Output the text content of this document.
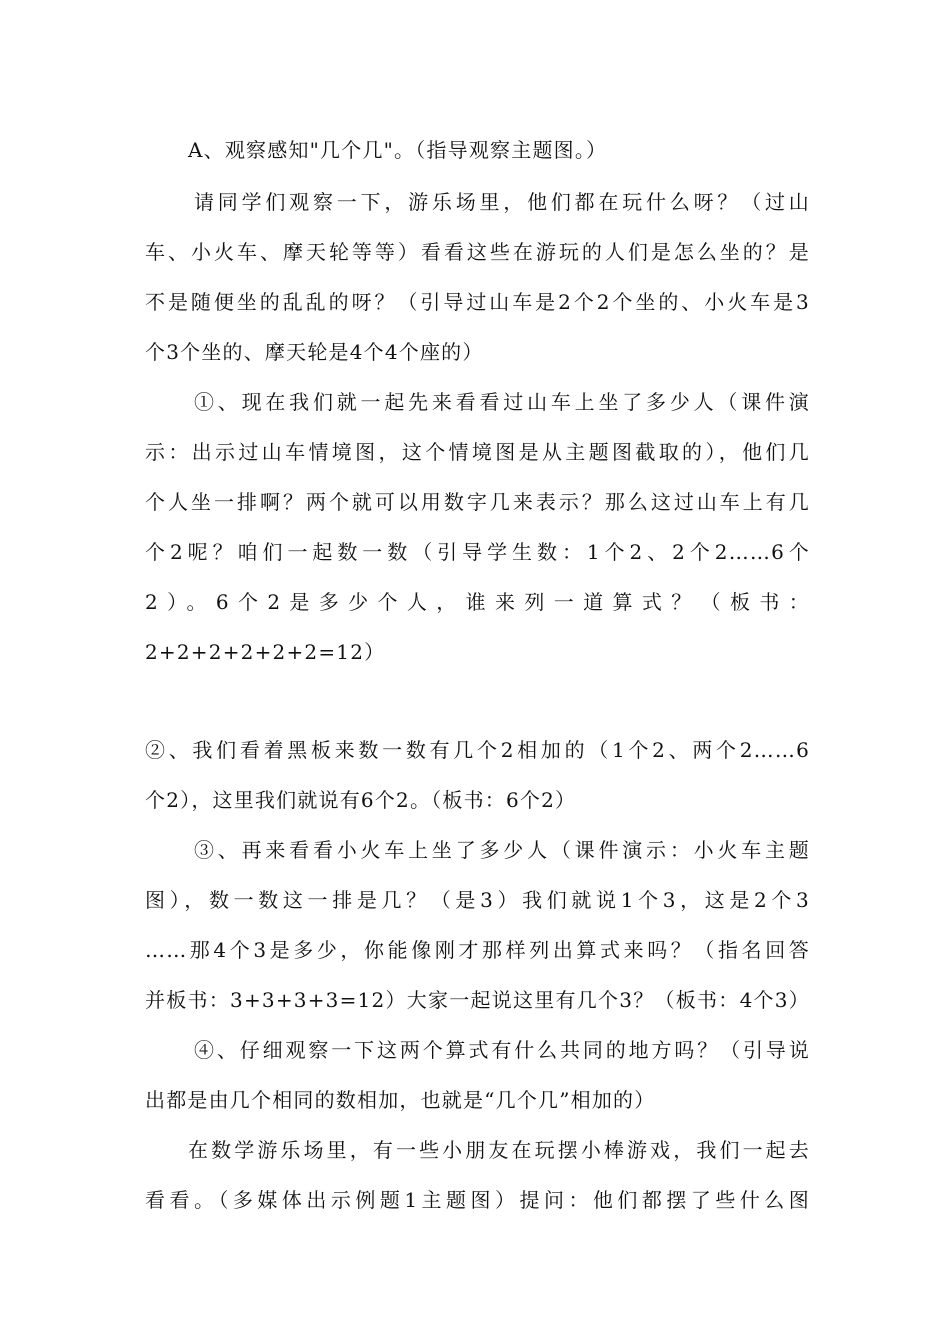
A、观察感知"几个几"。（指导观察主题图。）
请同学们观察一下，游乐场里，他们都在玩什么呀？（过山
车、小火车、摩天轮等等）看看这些在游玩的人们是怎么坐的？是
不是随便坐的乱乱的呀？（引导过山车是2个2个坐的、小火车是3
个3个坐的、摩天轮是4个4个座的）
①、现在我们就一起先来看看过山车上坐了多少人（课件演
示：出示过山车情境图，这个情境图是从主题图截取的），他们几
个人坐一排啊？两个就可以用数字几来表示？那么这过山车上有几
个2呢？咱们一起数一数（引导学生数：1个2、2个2……6个
2）。6个2是多少个人，谁来列一道算式？（板书：
2+2+2+2+2+2=12）
②、我们看着黑板来数一数有几个2相加的（1个2、两个2……6
个2），这里我们就说有6个2。（板书：6个2）
③、再来看看小火车上坐了多少人（课件演示：小火车主题
图），数一数这一排是几？（是3）我们就说1个3，这是2个3
……那4个3是多少，你能像刚才那样列出算式来吗？（指名回答
并板书：3+3+3+3=12）大家一起说这里有几个3？（板书：4个3）
④、仔细观察一下这两个算式有什么共同的地方吗？（引导说
出都是由几个相同的数相加，也就是“几个几”相加的）
在数学游乐场里，有一些小朋友在玩摆小棒游戏，我们一起去
看看。（多媒体出示例题1主题图）提问：他们都摆了些什么图
